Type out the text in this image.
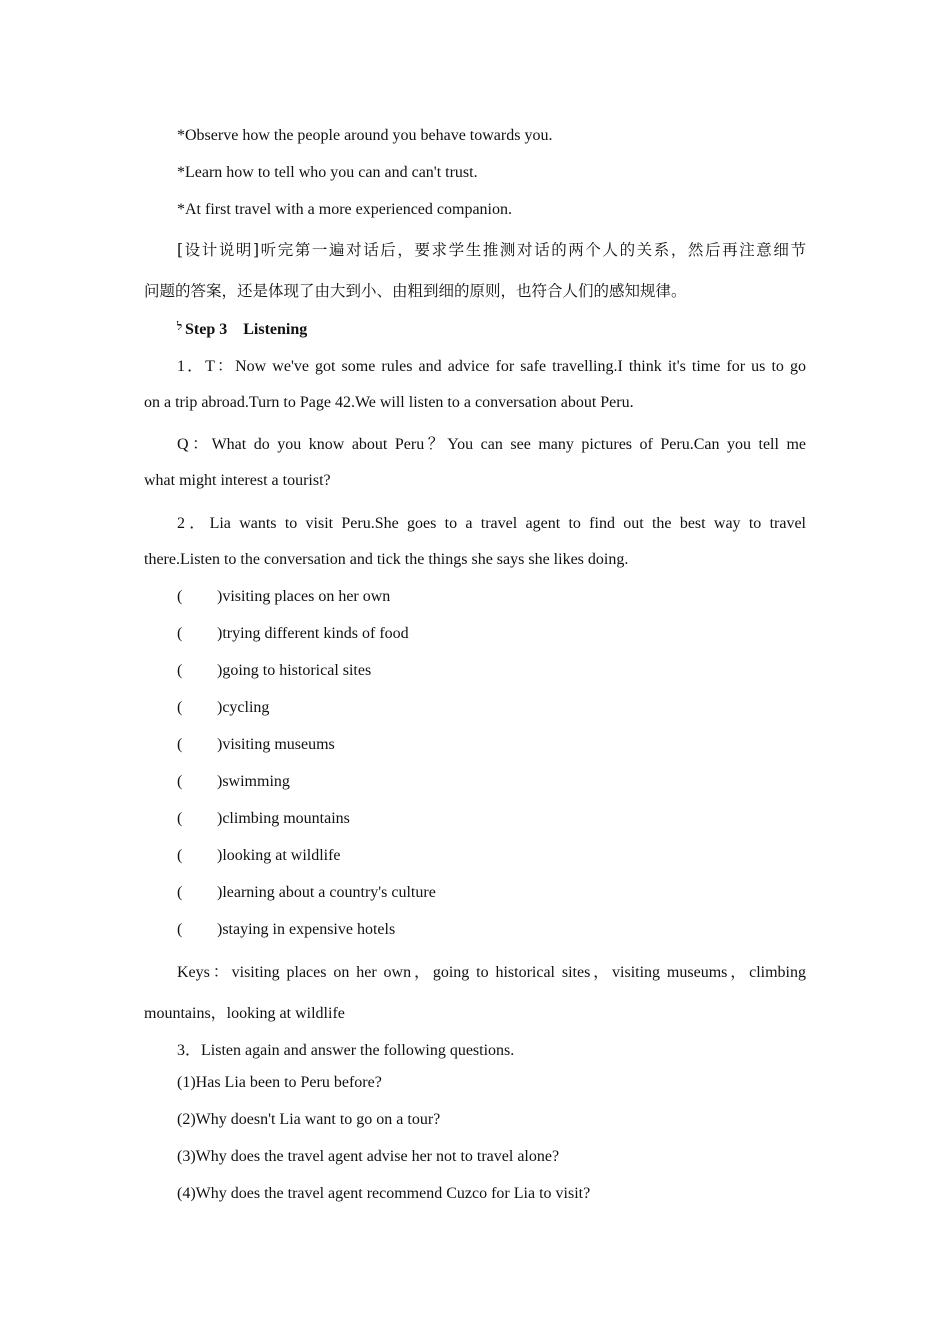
*Observe how the people around you behave towards you.
*Learn how to tell who you can and can't trust.
*At first travel with a more experienced companion.
[设计说明]听完第一遍对话后，要求学生推测对话的两个人的关系，然后再注意细节
问题的答案，还是体现了由大到小、由粗到细的原则，也符合人们的感知规律。
ל Step 3　Listening
1．T：Now we've got some rules and advice for safe travelling.I think it's time for us to go
on a trip abroad.Turn to Page 42.We will listen to a conversation about Peru.
Q：What do you know about Peru？You can see many pictures of Peru.Can you tell me
what might interest a tourist?
2．Lia wants to visit Peru.She goes to a travel agent to find out the best way to travel
there.Listen to the conversation and tick the things she says she likes doing.
( )visiting places on her own
( )trying different kinds of food
( )going to historical sites
( )cycling
( )visiting museums
( )swimming
( )climbing mountains
( )looking at wildlife
( )learning about a country's culture
( )staying in expensive hotels
Keys：visiting places on her own，going to historical sites，visiting museums，climbing
mountains，looking at wildlife
3．Listen again and answer the following questions.
(1)Has Lia been to Peru before?
(2)Why doesn't Lia want to go on a tour?
(3)Why does the travel agent advise her not to travel alone?
(4)Why does the travel agent recommend Cuzco for Lia to visit?
